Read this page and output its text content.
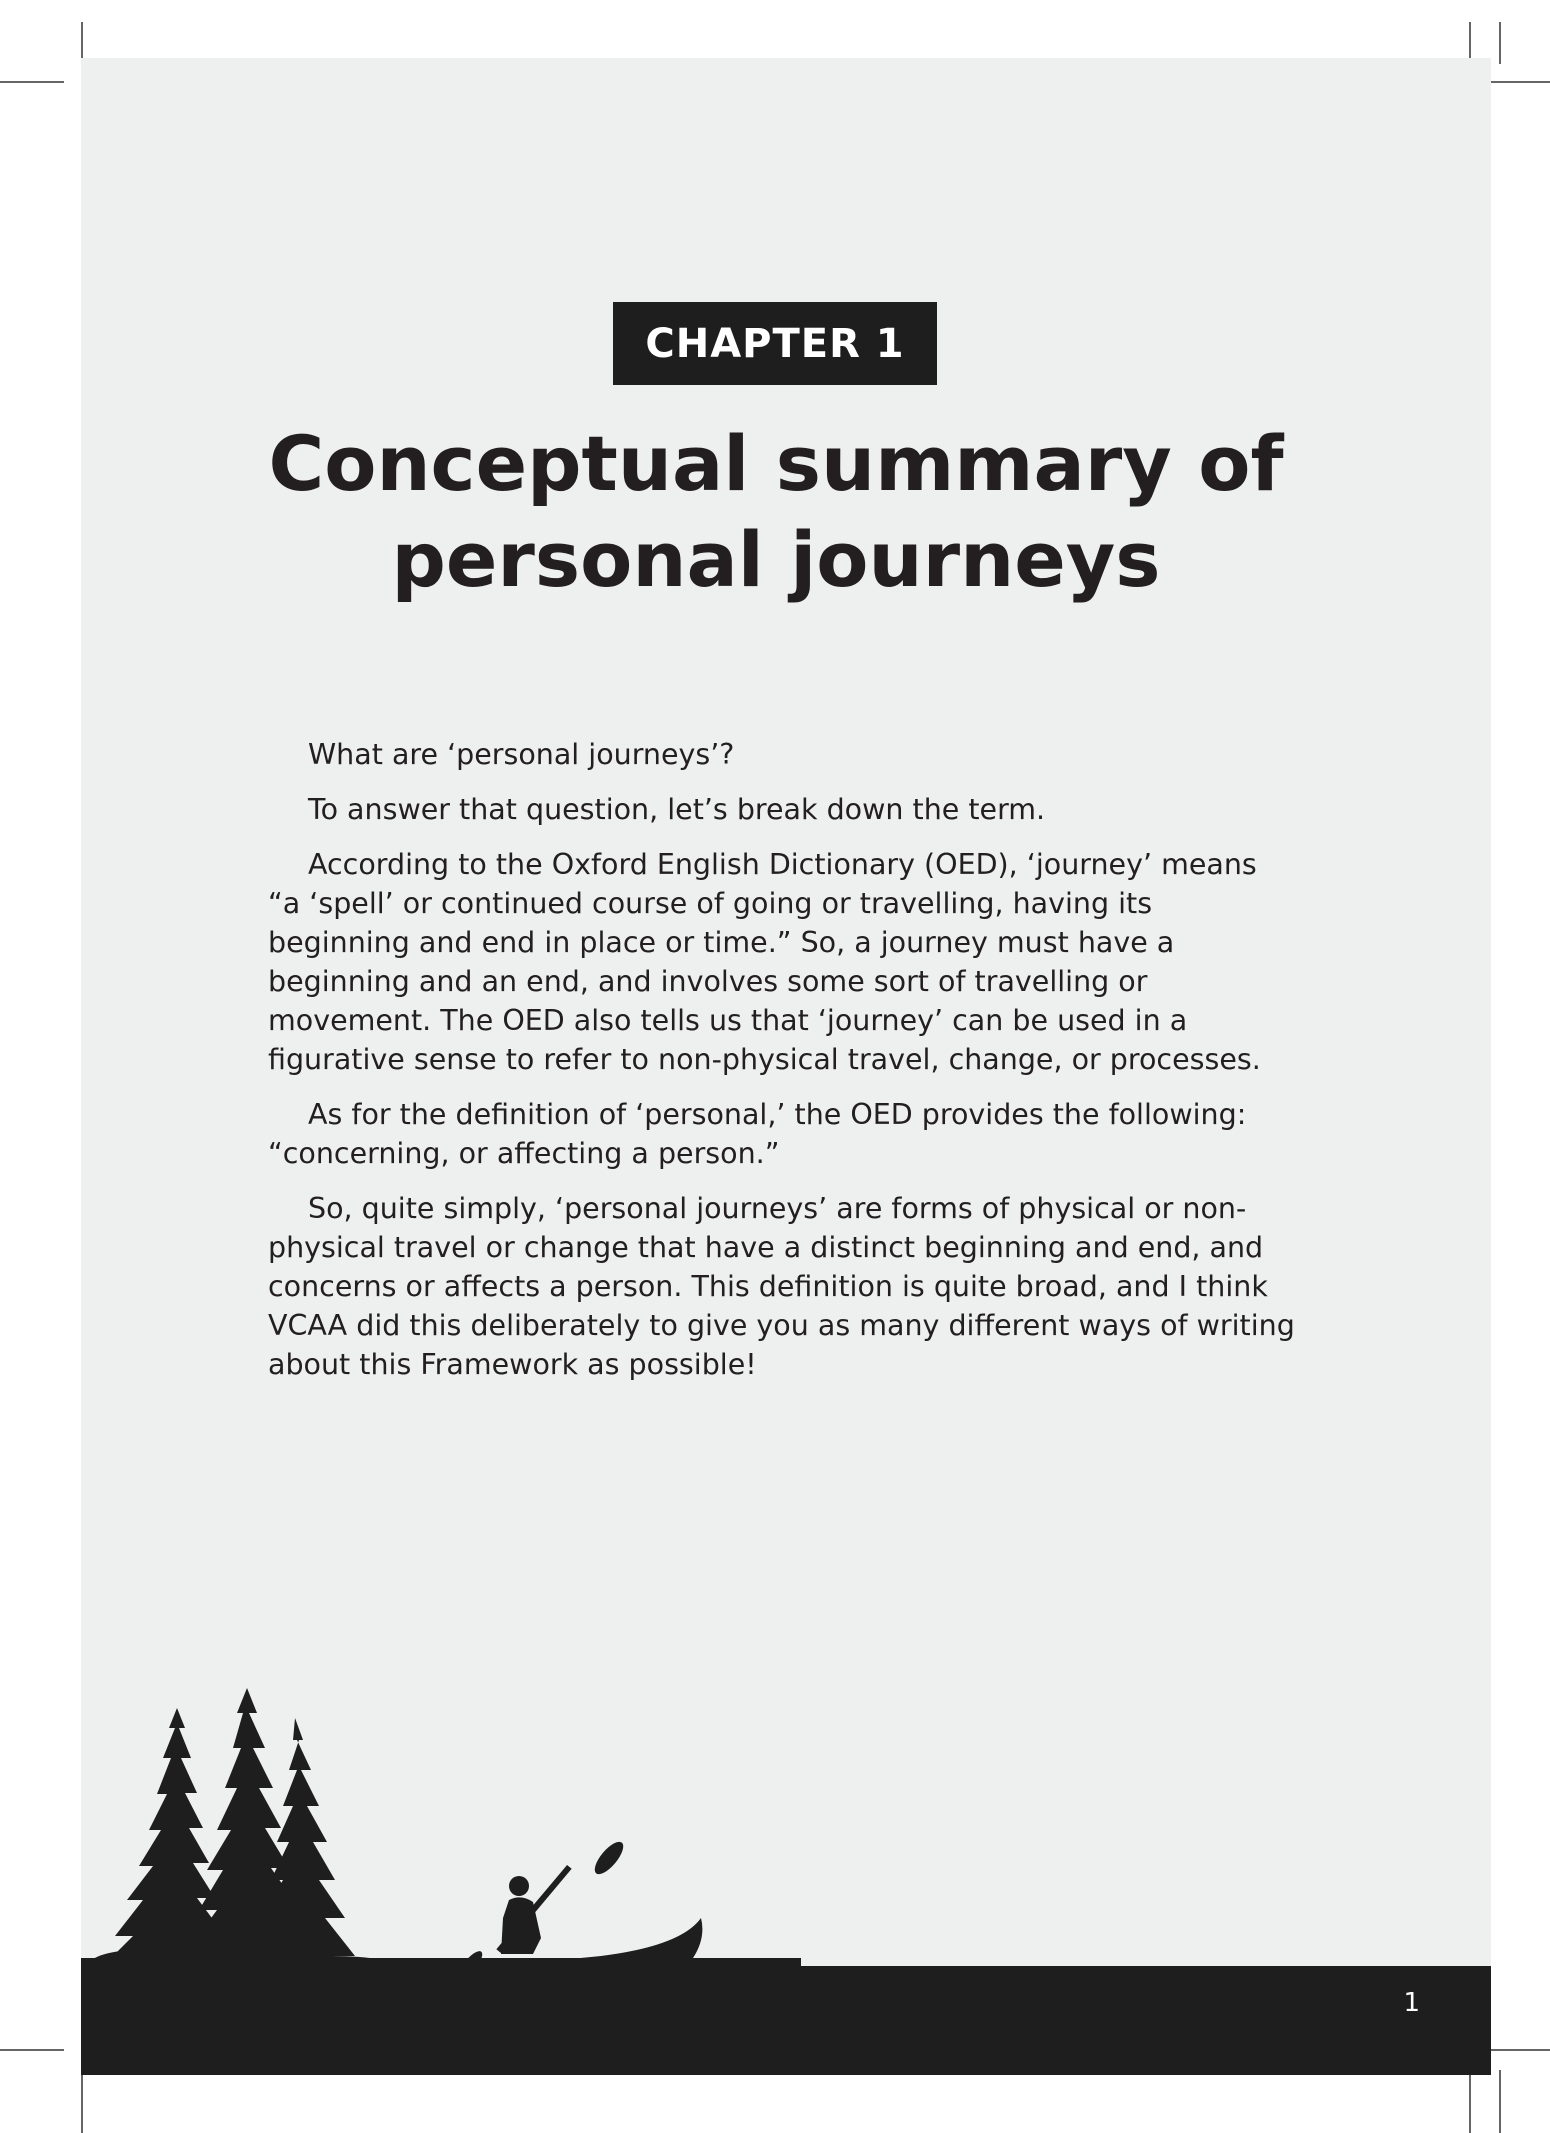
CHAPTER 1
Conceptual summary of
personal journeys

What are ‘personal journeys’?

To answer that question, let’s break down the term.

According to the Oxford English Dictionary (OED), ‘journey’ means “a ‘spell’ or continued course of going or travelling, having its beginning and end in place or time.” So, a journey must have a beginning and an end, and involves some sort of travelling or movement. The OED also tells us that ‘journey’ can be used in a figurative sense to refer to non-physical travel, change, or processes.

As for the definition of ‘personal,’ the OED provides the following: “concerning, or affecting a person.”

So, quite simply, ‘personal journeys’ are forms of physical or non-physical travel or change that have a distinct beginning and end, and concerns or affects a person. This definition is quite broad, and I think VCAA did this deliberately to give you as many different ways of writing about this Framework as possible!

1
